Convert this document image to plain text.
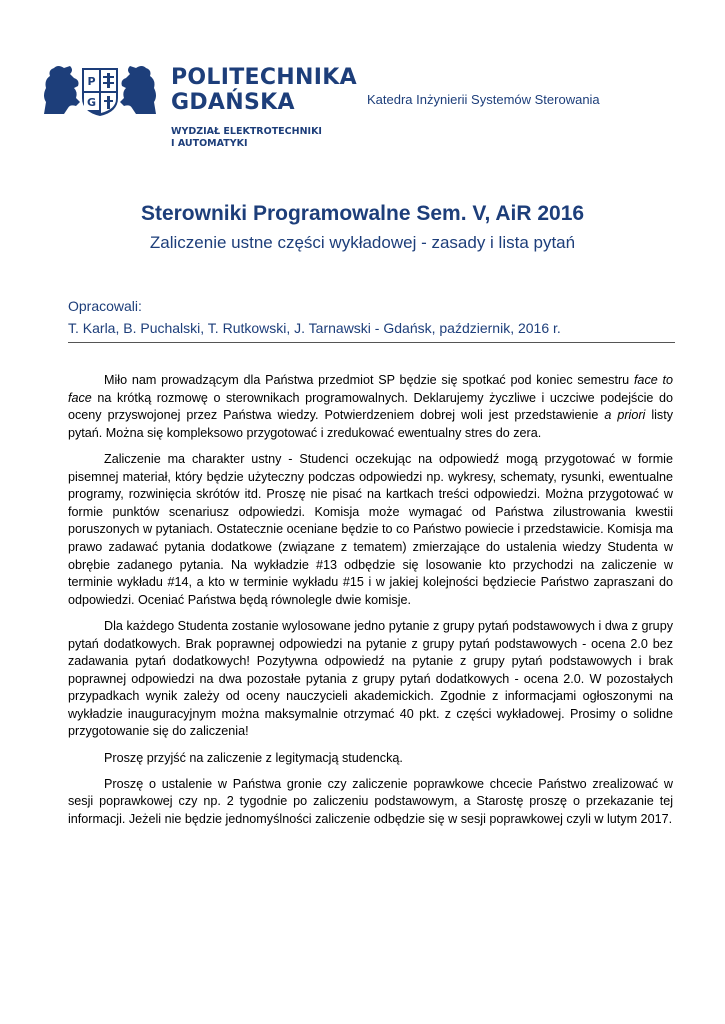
P
G
POLITECHNIKA
GDAŃSKA
WYDZIAŁ ELEKTROTECHNIKI
I AUTOMATYKI
Katedra Inżynierii Systemów Sterowania
Sterowniki Programowalne Sem. V, AiR 2016
Zaliczenie ustne części wykładowej - zasady i lista pytań
Opracowali:
T. Karla, B. Puchalski, T. Rutkowski, J. Tarnawski - Gdańsk, październik, 2016 r.

Miło nam prowadzącym dla Państwa przedmiot SP będzie się spotkać pod koniec semestru face to face na krótką rozmowę o sterownikach programowalnych. Deklarujemy życzliwe i uczciwe podejście do oceny przyswojonej przez Państwa wiedzy. Potwierdzeniem dobrej woli jest przedstawienie a priori listy pytań. Można się kompleksowo przygotować i zredukować ewentualny stres do zera.

Zaliczenie ma charakter ustny - Studenci oczekując na odpowiedź mogą przygotować w formie pisemnej materiał, który będzie użyteczny podczas odpowiedzi np. wykresy, schematy, rysunki, ewentualne programy, rozwinięcia skrótów itd. Proszę nie pisać na kartkach treści odpowiedzi. Można przygotować w formie punktów scenariusz odpowiedzi. Komisja może wymagać od Państwa zilustrowania kwestii poruszonych w pytaniach. Ostatecznie oceniane będzie to co Państwo powiecie i przedstawicie. Komisja ma prawo zadawać pytania dodatkowe (związane z tematem) zmierzające do ustalenia wiedzy Studenta w obrębie zadanego pytania. Na wykładzie #13 odbędzie się losowanie kto przychodzi na zaliczenie w terminie wykładu #14, a kto w terminie wykładu #15 i w jakiej kolejności będziecie Państwo zapraszani do odpowiedzi. Oceniać Państwa będą równolegle dwie komisje.

Dla każdego Studenta zostanie wylosowane jedno pytanie z grupy pytań podstawowych i dwa z grupy pytań dodatkowych. Brak poprawnej odpowiedzi na pytanie z grupy pytań podstawowych - ocena 2.0 bez zadawania pytań dodatkowych! Pozytywna odpowiedź na pytanie z grupy pytań podstawowych i brak poprawnej odpowiedzi na dwa pozostałe pytania z grupy pytań dodatkowych - ocena 2.0. W pozostałych przypadkach wynik zależy od oceny nauczycieli akademickich. Zgodnie z informacjami ogłoszonymi na wykładzie inauguracyjnym można maksymalnie otrzymać 40 pkt. z części wykładowej. Prosimy o solidne przygotowanie się do zaliczenia!

Proszę przyjść na zaliczenie z legitymacją studencką.

Proszę o ustalenie w Państwa gronie czy zaliczenie poprawkowe chcecie Państwo zrealizować w sesji poprawkowej czy np. 2 tygodnie po zaliczeniu podstawowym, a Starostę proszę o przekazanie tej informacji. Jeżeli nie będzie jednomyślności zaliczenie odbędzie się w sesji poprawkowej czyli w lutym 2017.
